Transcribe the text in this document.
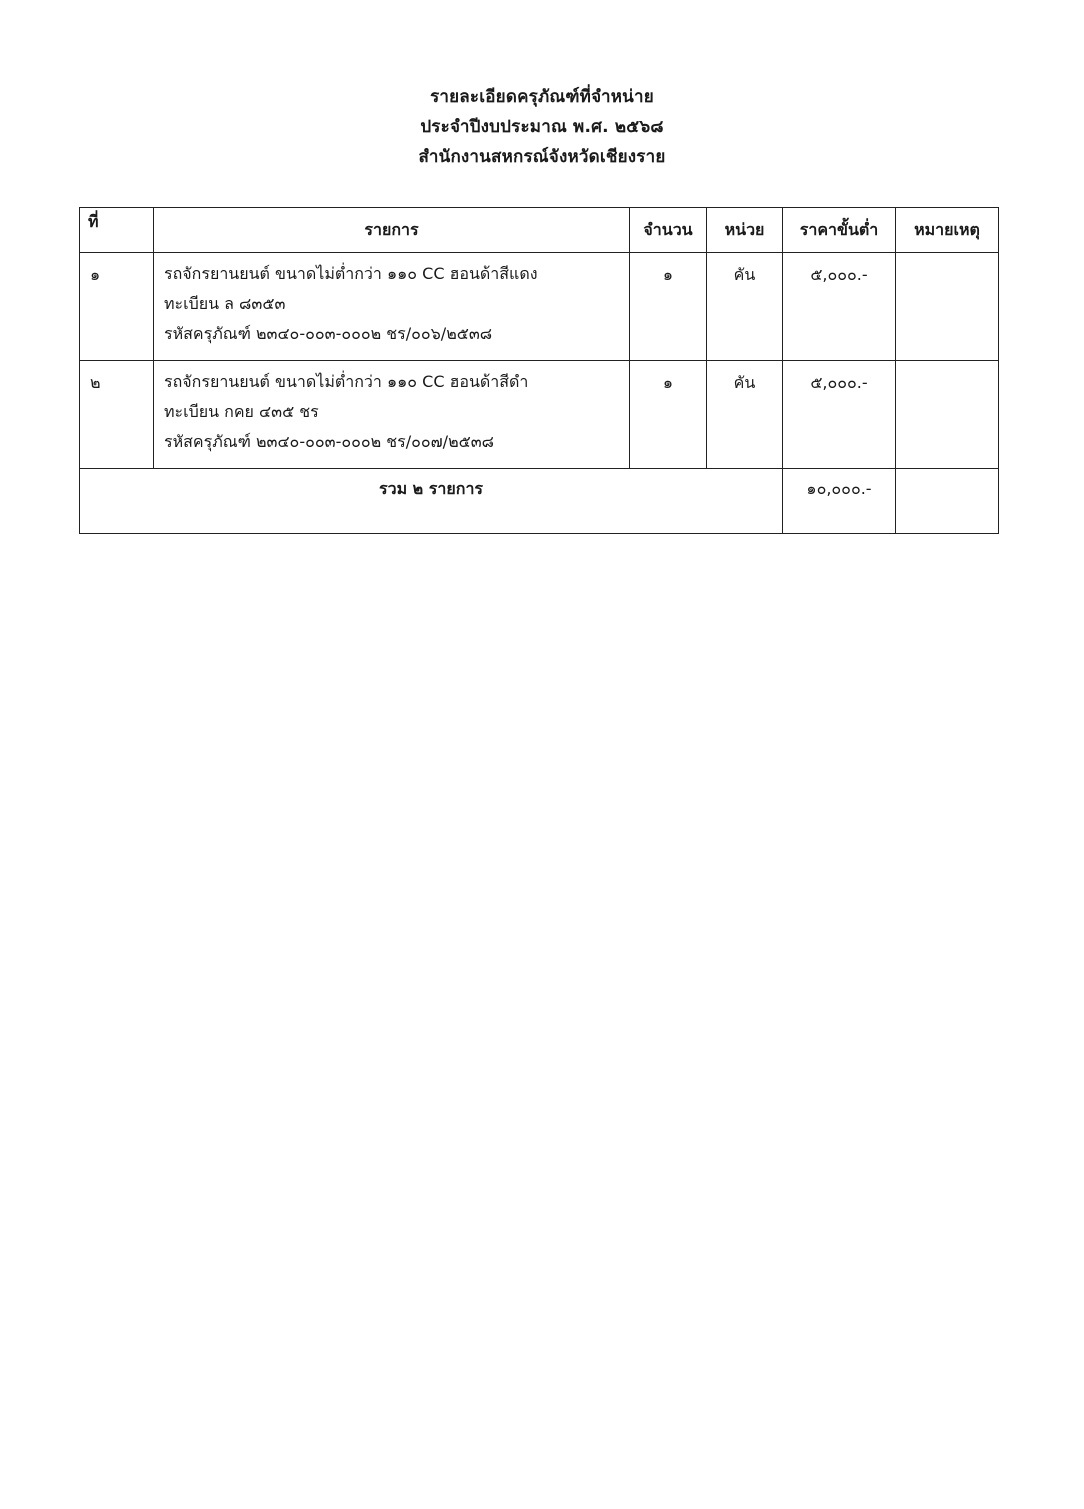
รายละเอียดครุภัณฑ์ที่จำหน่าย
ประจำปีงบประมาณ พ.ศ. ๒๕๖๘
สำนักงานสหกรณ์จังหวัดเชียงราย
ที่	รายการ	จำนวน	หน่วย	ราคาขั้นต่ำ	หมายเหตุ
๑	รถจักรยานยนต์ ขนาดไม่ต่ำกว่า ๑๑๐ CC ฮอนด้าสีแดง
ทะเบียน ล ๘๓๕๓
รหัสครุภัณฑ์ ๒๓๔๐-๐๐๓-๐๐๐๒ ชร/๐๐๖/๒๕๓๘	๑	คัน	๕,๐๐๐.-	
๒	รถจักรยานยนต์ ขนาดไม่ต่ำกว่า ๑๑๐ CC ฮอนด้าสีดำ
ทะเบียน กคย ๔๓๕ ชร
รหัสครุภัณฑ์ ๒๓๔๐-๐๐๓-๐๐๐๒ ชร/๐๐๗/๒๕๓๘	๑	คัน	๕,๐๐๐.-	
รวม ๒ รายการ				๑๐,๐๐๐.-	
